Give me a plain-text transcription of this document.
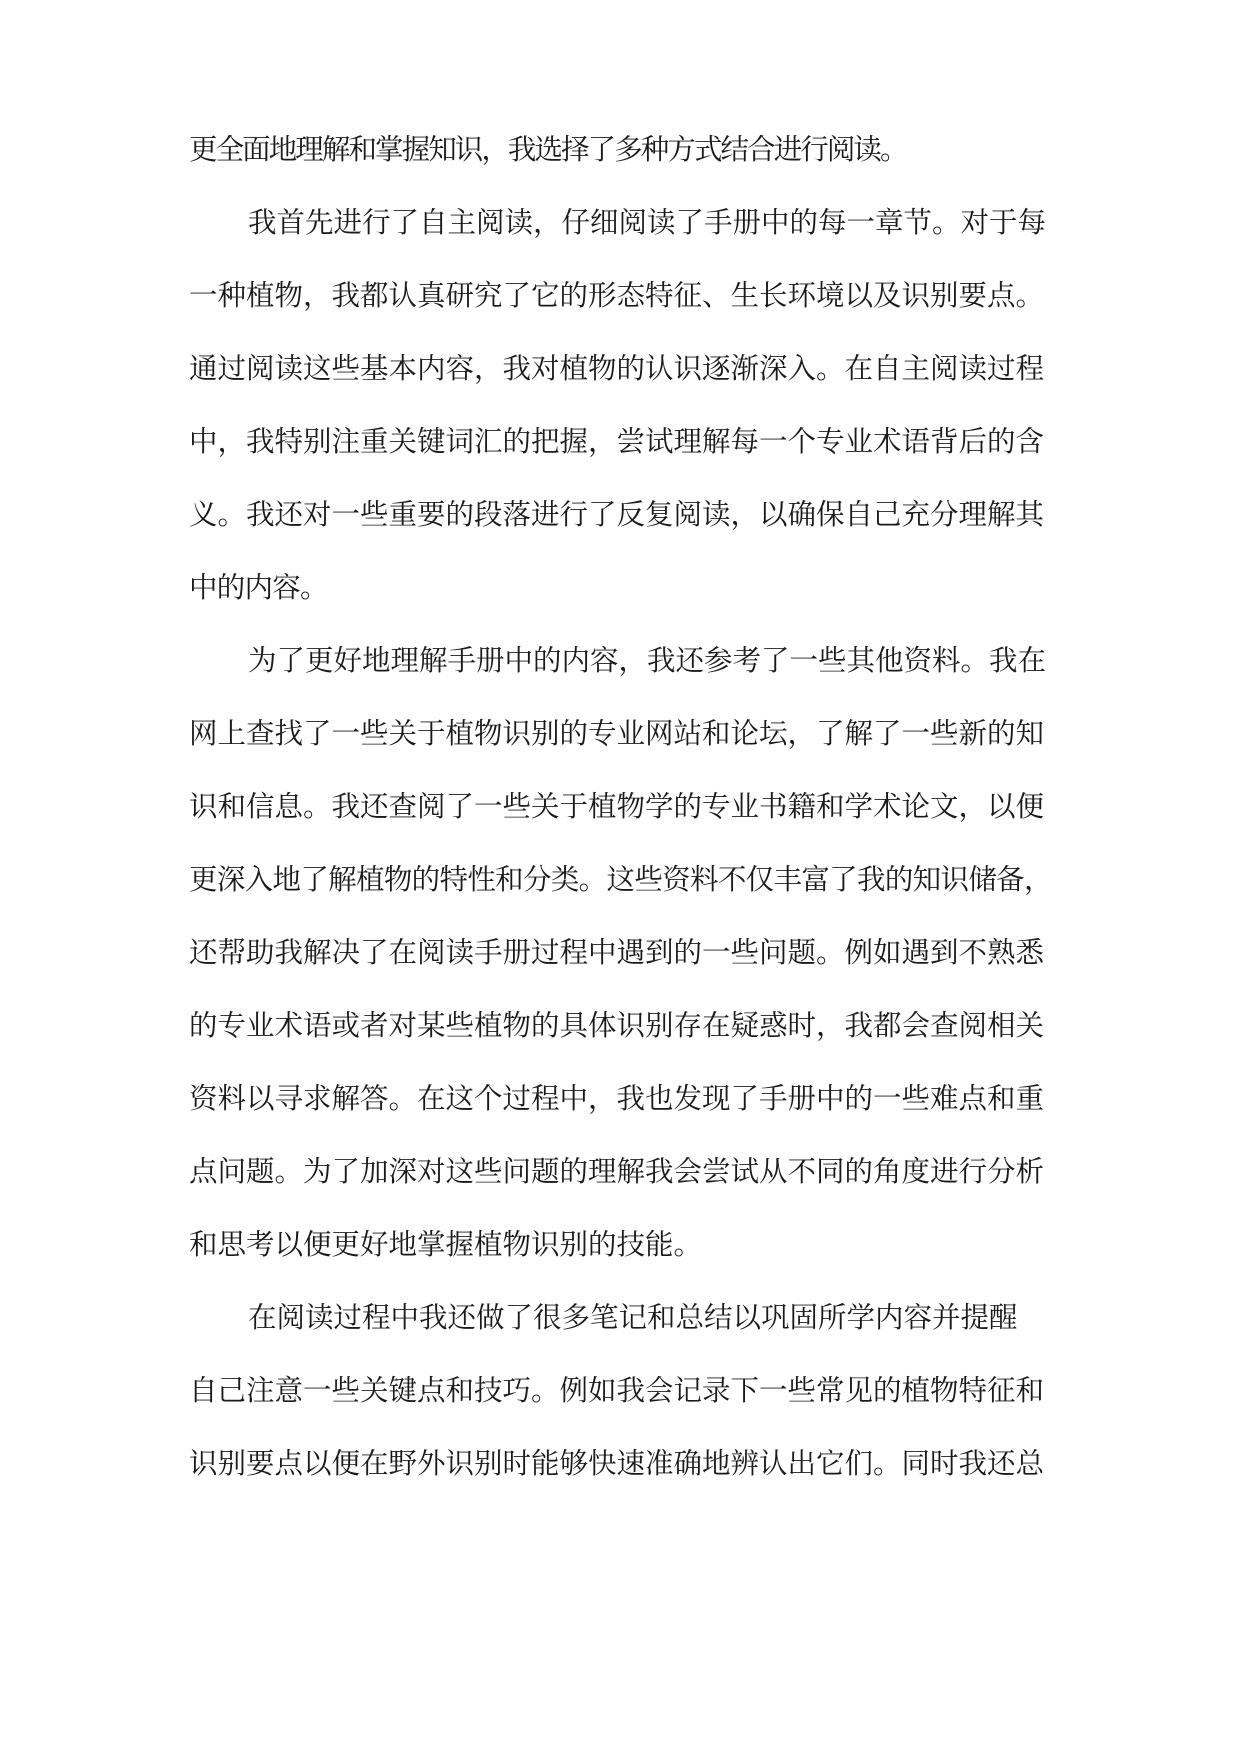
更全面地理解和掌握知识，我选择了多种方式结合进行阅读。
我首先进行了自主阅读，仔细阅读了手册中的每一章节。对于每
一种植物，我都认真研究了它的形态特征、生长环境以及识别要点。
通过阅读这些基本内容，我对植物的认识逐渐深入。在自主阅读过程
中，我特别注重关键词汇的把握，尝试理解每一个专业术语背后的含
义。我还对一些重要的段落进行了反复阅读，以确保自己充分理解其
中的内容。
为了更好地理解手册中的内容，我还参考了一些其他资料。我在
网上查找了一些关于植物识别的专业网站和论坛，了解了一些新的知
识和信息。我还查阅了一些关于植物学的专业书籍和学术论文，以便
更深入地了解植物的特性和分类。这些资料不仅丰富了我的知识储备，
还帮助我解决了在阅读手册过程中遇到的一些问题。例如遇到不熟悉
的专业术语或者对某些植物的具体识别存在疑惑时，我都会查阅相关
资料以寻求解答。在这个过程中，我也发现了手册中的一些难点和重
点问题。为了加深对这些问题的理解我会尝试从不同的角度进行分析
和思考以便更好地掌握植物识别的技能。
在阅读过程中我还做了很多笔记和总结以巩固所学内容并提醒
自己注意一些关键点和技巧。例如我会记录下一些常见的植物特征和
识别要点以便在野外识别时能够快速准确地辨认出它们。同时我还总
